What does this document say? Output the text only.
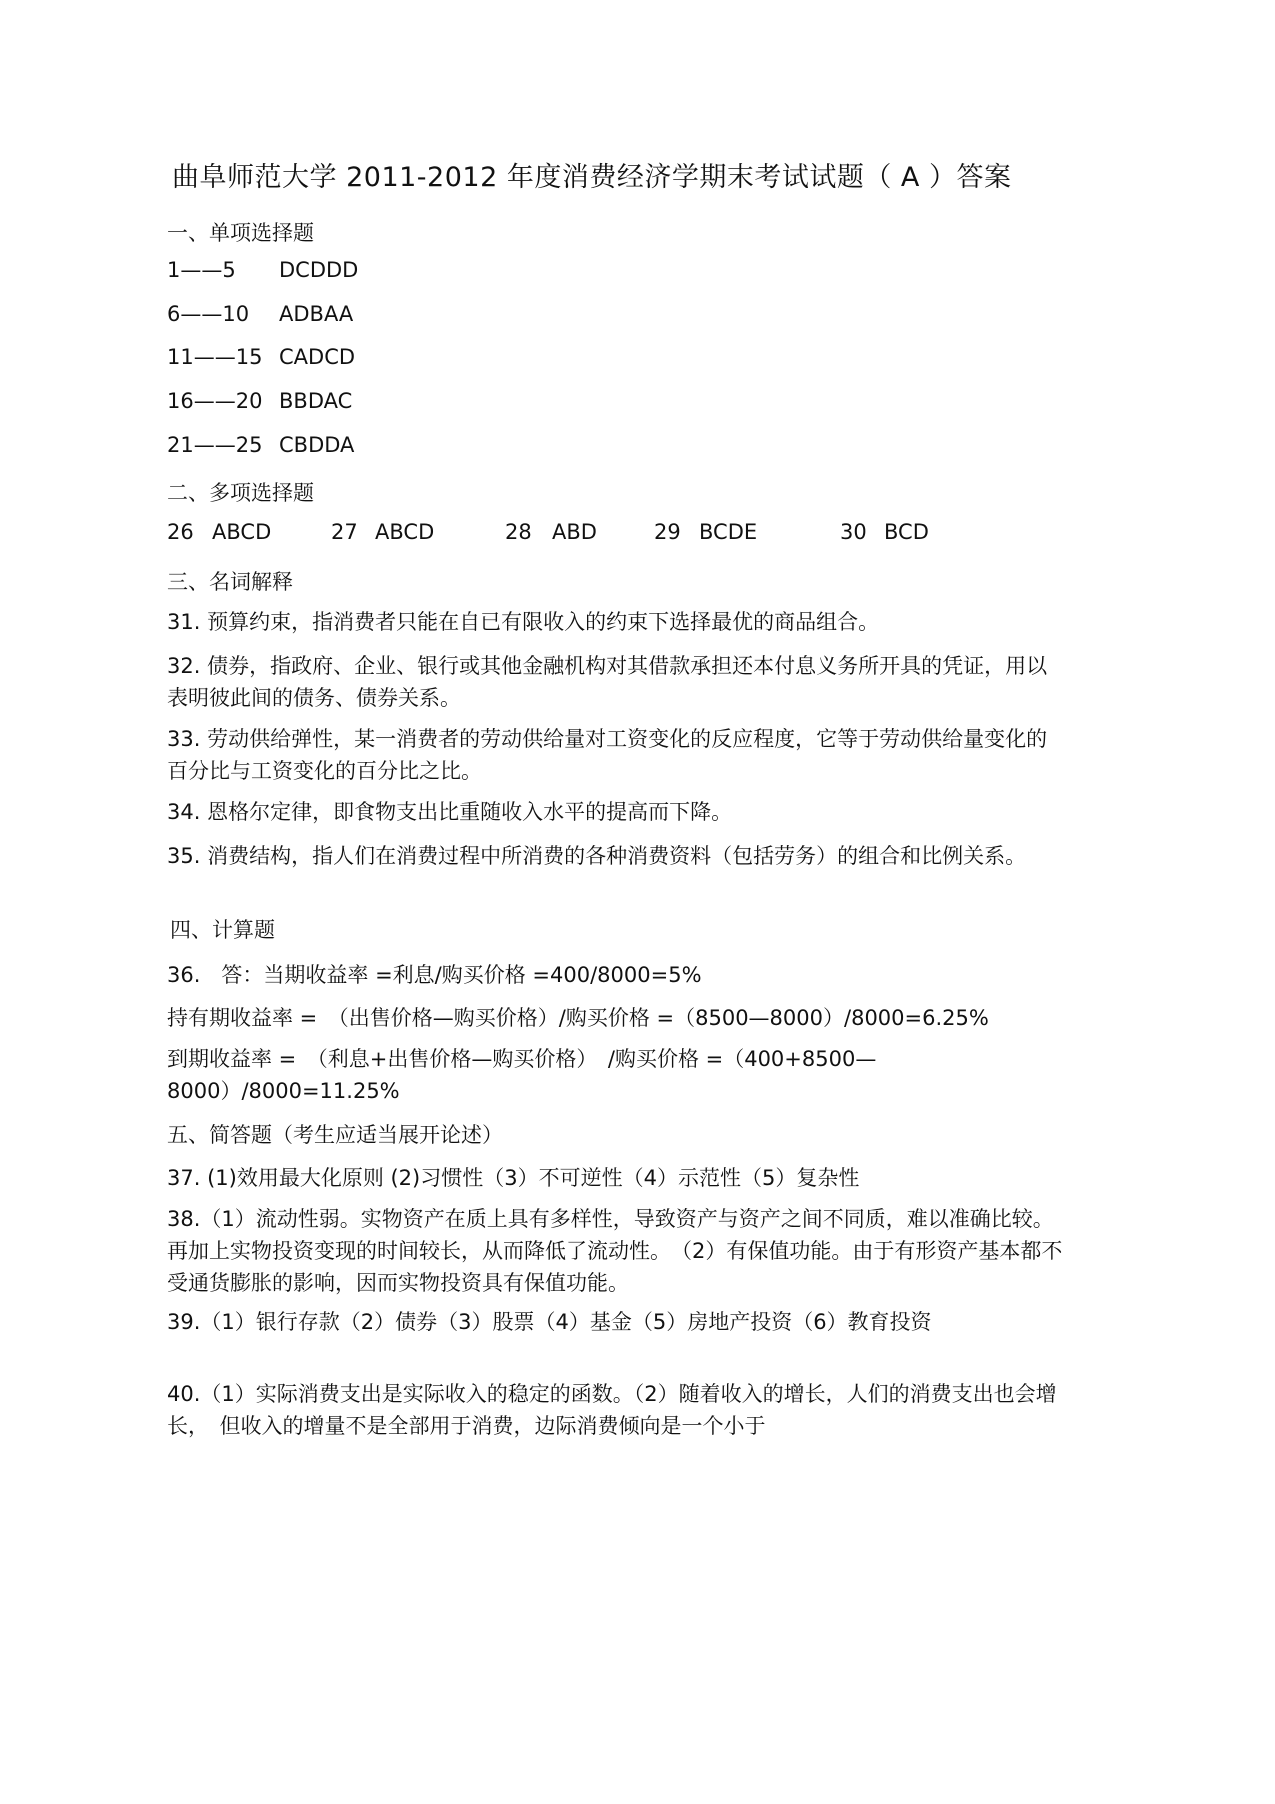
曲阜师范大学 2011-2012 年度消费经济学期末考试试题（ A ）答案
一、单项选择题
1——5 DCDDD
6——10 ADBAA
11——15 CADCD
16——20 BBDAC
21——25 CBDDA
二、多项选择题
26 ABCD	27 ABCD	28 ABD	29 BCDE	30 BCD
三、名词解释
31. 预算约束，指消费者只能在自已有限收入的约束下选择最优的商品组合。
32. 债券，指政府、企业、银行或其他金融机构对其借款承担还本付息义务所开具的凭证，用以表明彼此间的债务、债券关系。
33. 劳动供给弹性，某一消费者的劳动供给量对工资变化的反应程度，它等于劳动供给量变化的百分比与工资变化的百分比之比。
34. 恩格尔定律，即食物支出比重随收入水平的提高而下降。
35. 消费结构，指人们在消费过程中所消费的各种消费资料（包括劳务）的组合和比例关系。
四、计算题
36.　答：当期收益率 =利息/购买价格 =400/8000=5%
持有期收益率 =　（出售价格—购买价格）/购买价格 =（8500—8000）/8000=6.25%
到期收益率 =　（利息+出售价格—购买价格）　/购买价格 =（400+8500—8000）/8000=11.25%
五、简答题（考生应适当展开论述）
37. (1)效用最大化原则 (2)习惯性（3）不可逆性（4）示范性（5）复杂性
38.（1）流动性弱。实物资产在质上具有多样性，导致资产与资产之间不同质，难以准确比较。再加上实物投资变现的时间较长，从而降低了流动性。　（2）有保值功能。由于有形资产基本都不受通货膨胀的影响，因而实物投资具有保值功能。
39.（1）银行存款（2）债券（3）股票（4）基金（5）房地产投资（6）教育投资
40.（1）实际消费支出是实际收入的稳定的函数。（2）随着收入的增长，人们的消费支出也会增长，　但收入的增量不是全部用于消费，边际消费倾向是一个小于
